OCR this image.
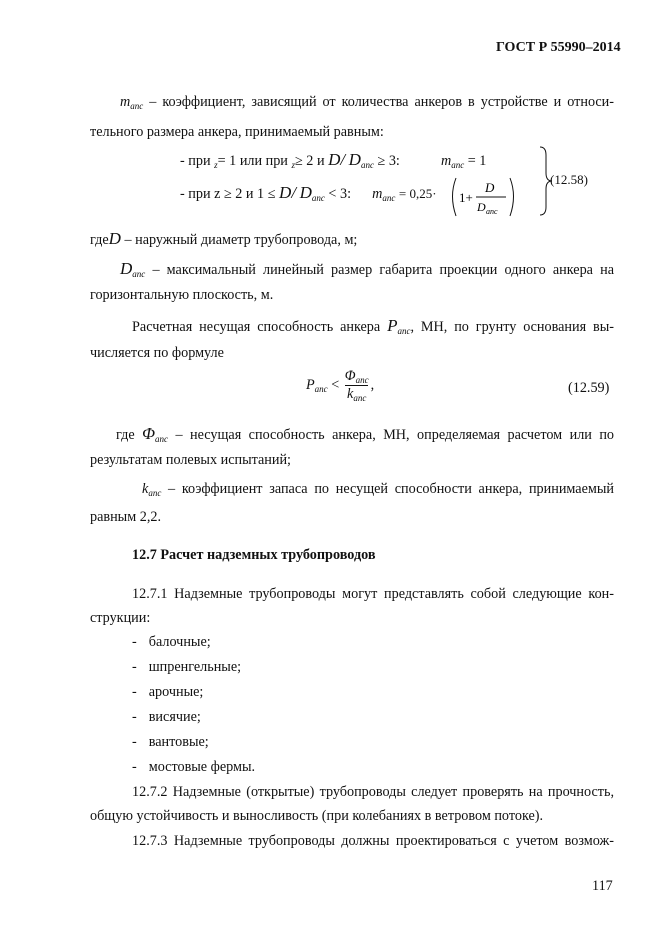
ГОСТ Р 55990–2014
$m_{anc}$ – коэффициент, зависящий от количества анкеров в устройстве и относи-
тельного размера анкера, принимаемый равным:
- при $_z$= 1 или при $_z$≥ 2 и D/ $D_{anc} \ge 3$:	$m_{anc} = 1$
- при z ≥ 2 и 1 ≤ D/ $D_{anc} < 3$: $m_{anc} = 0,25\cdot 1+$
D
D anc
(12.58)
гдеD – наружный диаметр трубопровода, м;
$D_{anc}$ – максимальный линейный размер габарита проекции одного анкера на
горизонтальную плоскость, м.
Расчетная несущая способность анкера $P_{anc}$, МН, по грунту основания вы-
числяется по формуле
$P_{anc} < \frac{\Phi_{anc}}{k_{anc}}$ ,	(12.59)
где $\Phi_{anc}$ – несущая способность анкера, МН, определяемая расчетом или по
результатам полевых испытаний;
$k_{anc}$ – коэффициент запаса по несущей способности анкера, принимаемый
равным 2,2.
12.7 Расчет надземных трубопроводов
12.7.1 Надземные трубопроводы могут представлять собой следующие кон-
струкции:
- балочные;
- шпренгельные;
- арочные;
- висячие;
- вантовые;
- мостовые фермы.
12.7.2 Надземные (открытые) трубопроводы следует проверять на прочность,
общую устойчивость и выносливость (при колебаниях в ветровом потоке).
12.7.3 Надземные трубопроводы должны проектироваться с учетом возмож-
117
